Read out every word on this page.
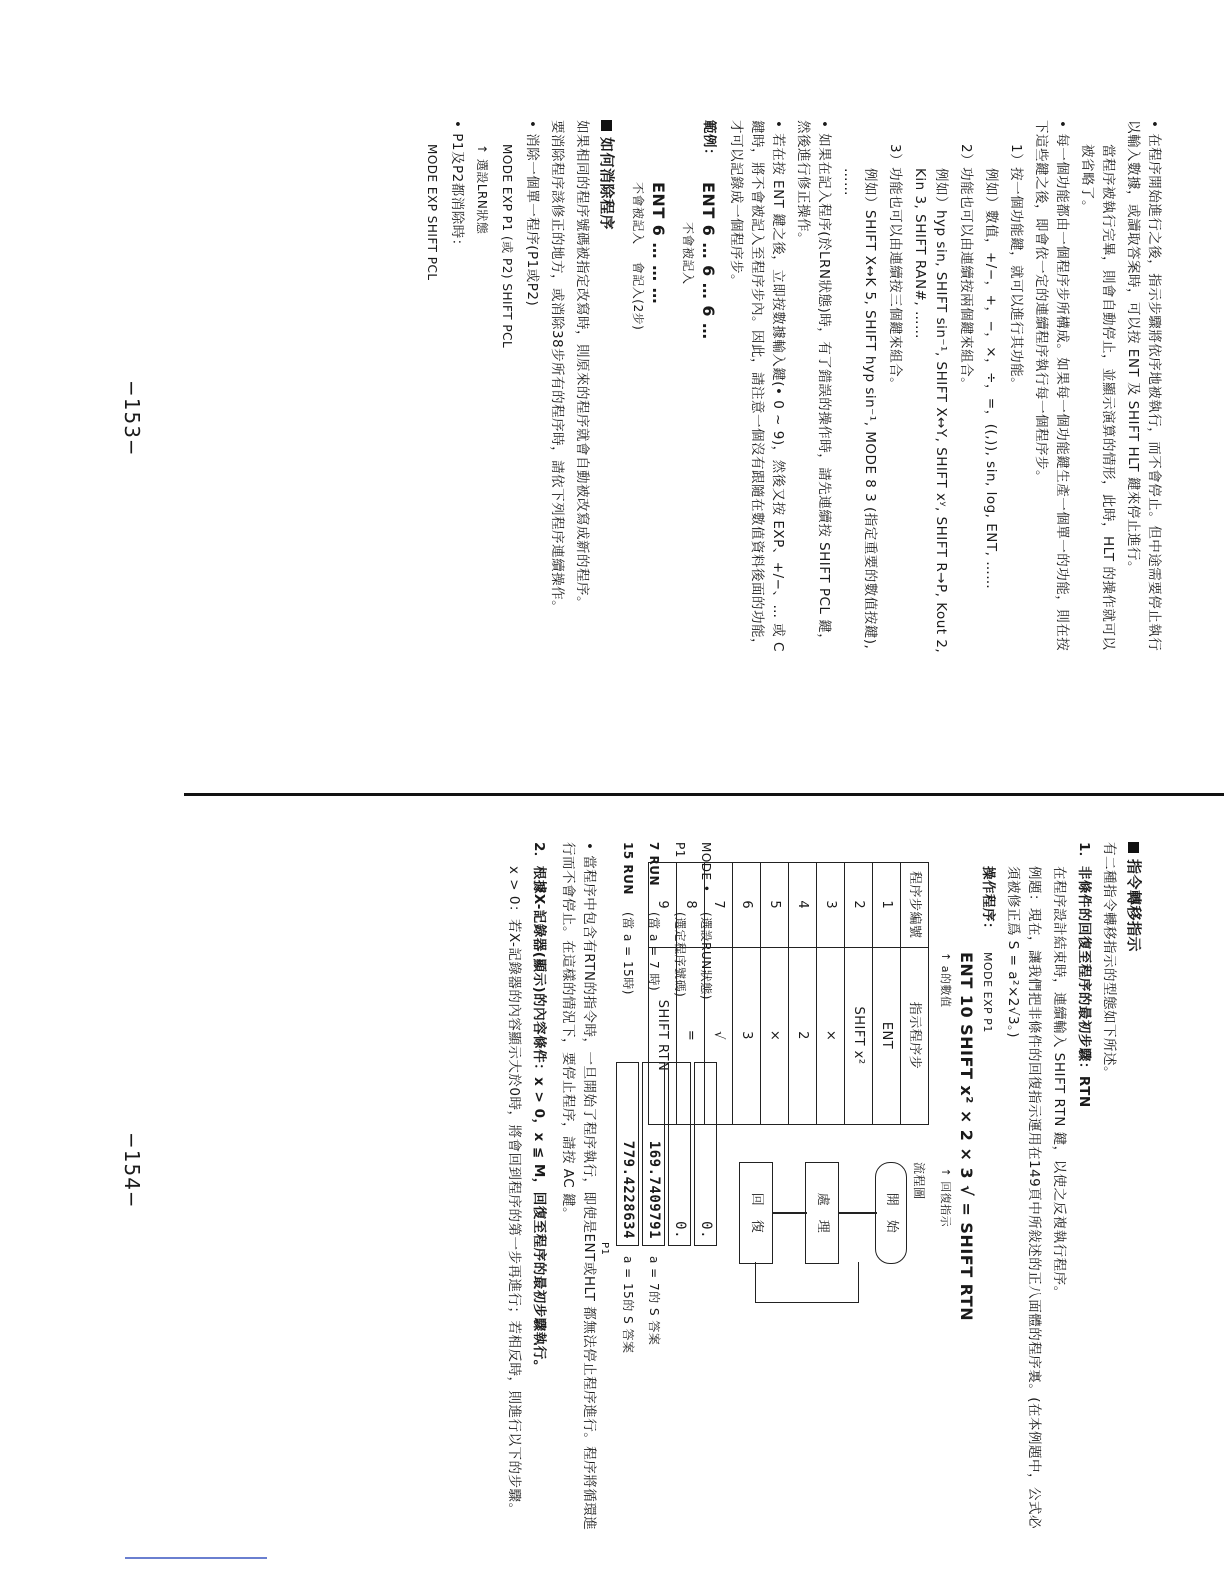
• 在程序開始進行之後，指示步驟將依序地被執行，而不會停止。但中途需要停止執行以輸入數據，或讀取答案時，可以按 ENT 及 SHIFT HLT 鍵來停止進行。

當程序被執行完畢，則會自動停止，並顯示演算的情形，此時，HLT 的操作就可以被省略了。

• 每一個功能都由一個程序步所構成。如果每一個功能鍵生產一個單一的功能，則在按下這些鍵之後，即會依一定的連續程序執行每一個程序步。

1）按一個功能鍵，就可以進行其功能。

例如）數值，+/−，+，−，×，÷，=，((,)), sin, log, ENT, ……

2）功能也可以由連續按兩個鍵來組合。

例如）hyp sin, SHIFT sin⁻¹, SHIFT X↔Y, SHIFT xʸ, SHIFT R→P, Kout 2, Kin 3, SHIFT RAN#, ……

3）功能也可以由連續按三個鍵來組合。

例如）SHIFT X↔K 5, SHIFT hyp sin⁻¹, MODE 8 3 (指定重要的數值按鍵), ……

• 如果在記入程序(於LRN狀態)時，有了錯誤的操作時，請先連續按 SHIFT PCL 鍵，然後進行修正操作。

• 若在按 ENT 鍵之後，立即按數據輸入鍵(• 0 ~ 9)，然後又按 EXP、+/−、… 或 C 鍵時，將不會被記入至程序步內。因此，請注意一個沒有跟隨在數值資料後面的功能，才可以記錄成一個程序步。

範例：
ENT 6 … 6 … 6 …
不會被記入
ENT 6 … … …
不會被記入    會記入(2步)
如何消除程序

如果相同的程序號碼被指定改寫時，則原來的程序就會自動被改寫成新的程序。

要消除程序該修正的地方，或消除38步所有的程序時，請依下列程序連續操作。

• 消除一個單一程序(P1或P2)

MODE EXP P1 (或 P2) SHIFT PCL

↑ 選設LRN狀態

• P1及P2都消除時：

MODE EXP SHIFT PCL

−153−
指令轉移指示

有二種指令轉移指示的型態如下所述。

1．非條件的回復至程序的最初步驟：RTN

在程序設計結束時，連續輸入 SHIFT RTN 鍵，以使之反複執行程序。

例題：現在，讓我們把非條件的回復指示運用在149頁中所敍述的正八面體的程序裏。(在本例題中，公式必須被修正爲 S = a²×2√3。)

操作程序：
MODE EXP P1
ENT 10 SHIFT x² × 2 × 3 √ = SHIFT RTN
↑ a的數值
↑ 回復指示
程序步編號	指示程序步
1	ENT
2	SHIFT x²
3	×
4	2
5	×
6	3
7	√
8	=
9	SHIFT RTN
流程圖
開　始
處　理
回　復
MODE •
(選設RUN狀態)
0.
P1
(選定程序號碼)
0.
7 RUN
(當 a = 7 時)
169.7409791
a = 7的 S 答案
15 RUN
(當 a = 15時)
779.4228634
a = 15的 S 答案
P1

• 當程序中包含有RTN的指令時，一旦開始了程序執行，即使是ENT或HLT 都無法停止程序進行。程序將循環進行而不會停止。在這樣的情況下，要停止程序，請按 AC 鍵。

2．根據X-記錄器(顯示)的內容條件：x > 0，x ≦ M，回復至程序的最初步驟執行。

x > 0：若X-記錄器的內容顯示大於0時，將會回到程序的第一步再進行；若相反時，則進行以下的步驟。

−154−
